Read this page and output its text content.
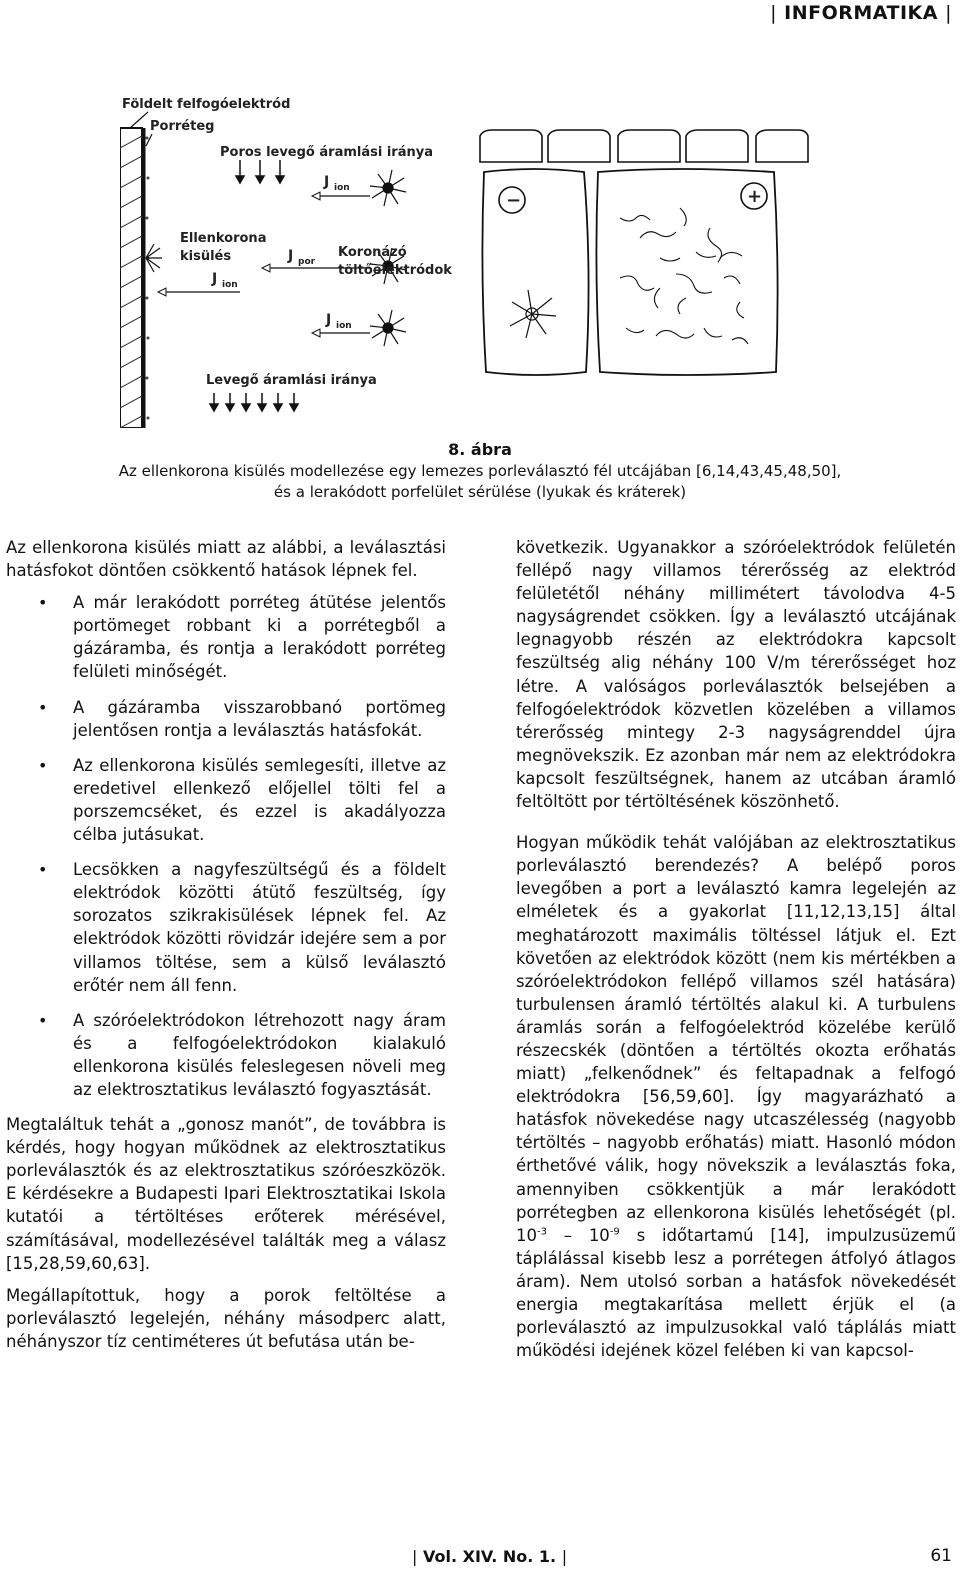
| INFORMATIKA |
Földelt felfogóelektród
Porréteg
Poros levegő áramlási iránya
J ion
J ion
J por
J ion
Ellenkorona
kisülés	Koronázó
töltőelektródok
Levegő áramlási iránya
−	+
8. ábra
Az ellenkorona kisülés modellezése egy lemezes porleválasztó fél utcájában [6,14,43,45,48,50],
és a lerakódott porfelület sérülése (lyukak és kráterek)

Az ellenkorona kisülés miatt az alábbi, a leválasztási hatásfokot döntően csökkentő hatások lépnek fel.

• A már lerakódott porréteg átütése jelentős portömeget robbant ki a porrétegből a gázáramba, és rontja a lerakódott porréteg felületi minőségét.
• A gázáramba visszarobbanó portömeg jelentősen rontja a leválasztás hatásfokát.
• Az ellenkorona kisülés semlegesíti, illetve az eredetivel ellenkező előjellel tölti fel a porszemcséket, és ezzel is akadályozza célba jutásukat.
• Lecsökken a nagyfeszültségű és a földelt elektródok közötti átütő feszültség, így sorozatos szikrakisülések lépnek fel. Az elektródok közötti rövidzár idejére sem a por villamos töltése, sem a külső leválasztó erőtér nem áll fenn.
• A szóróelektródokon létrehozott nagy áram és a felfogóelektródokon kialakuló ellenkorona kisülés feleslegesen növeli meg az elektrosztatikus leválasztó fogyasztását.

Megtaláltuk tehát a „gonosz manót”, de továbbra is kérdés, hogy hogyan működnek az elektrosztatikus porleválasztók és az elektrosztatikus szóróeszközök. E kérdésekre a Budapesti Ipari Elektrosztatikai Iskola kutatói a tértöltéses erőterek mérésével, számításával, modellezésével találták meg a válasz [15,28,59,60,63].

Megállapítottuk, hogy a porok feltöltése a porleválasztó legelején, néhány másodperc alatt, néhányszor tíz centiméteres út befutása után be-

következik. Ugyanakkor a szóróelektródok felületén fellépő nagy villamos térerősség az elektród felületétől néhány millimétert távolodva 4-5 nagyságrendet csökken. Így a leválasztó utcájának legnagyobb részén az elektródokra kapcsolt feszültség alig néhány 100 V/m térerősséget hoz létre. A valóságos porleválasztók belsejében a felfogóelektródok közvetlen közelében a villamos térerősség mintegy 2-3 nagyságrenddel újra megnövekszik. Ez azonban már nem az elektródokra kapcsolt feszültségnek, hanem az utcában áramló feltöltött por tértöltésének köszönhető.

Hogyan működik tehát valójában az elektrosztatikus porleválasztó berendezés? A belépő poros levegőben a port a leválasztó kamra legelején az elméletek és a gyakorlat [11,12,13,15] által meghatározott maximális töltéssel látjuk el. Ezt követően az elektródok között (nem kis mértékben a szóróelektródokon fellépő villamos szél hatására) turbulensen áramló tértöltés alakul ki. A turbulens áramlás során a felfogóelektród közelébe kerülő részecskék (döntően a tértöltés okozta erőhatás miatt) „felkenődnek” és feltapadnak a felfogó elektródokra [56,59,60]. Így magyarázható a hatásfok növekedése nagy utcaszélesség (nagyobb tértöltés – nagyobb erőhatás) miatt. Hasonló módon érthetővé válik, hogy növekszik a leválasztás foka, amennyiben csökkentjük a már lerakódott porrétegben az ellenkorona kisülés lehetőségét (pl. $10^{-3} - 10^{-9}$ s időtartamú [14], impulzusüzemű táplálással kisebb lesz a porrétegen átfolyó átlagos áram). Nem utolsó sorban a hatásfok növekedését energia megtakarítása mellett érjük el (a porleválasztó az impulzusokkal való táplálás miatt működési idejének közel felében ki van kapcsol-

| Vol. XIV. No. 1. |	61
